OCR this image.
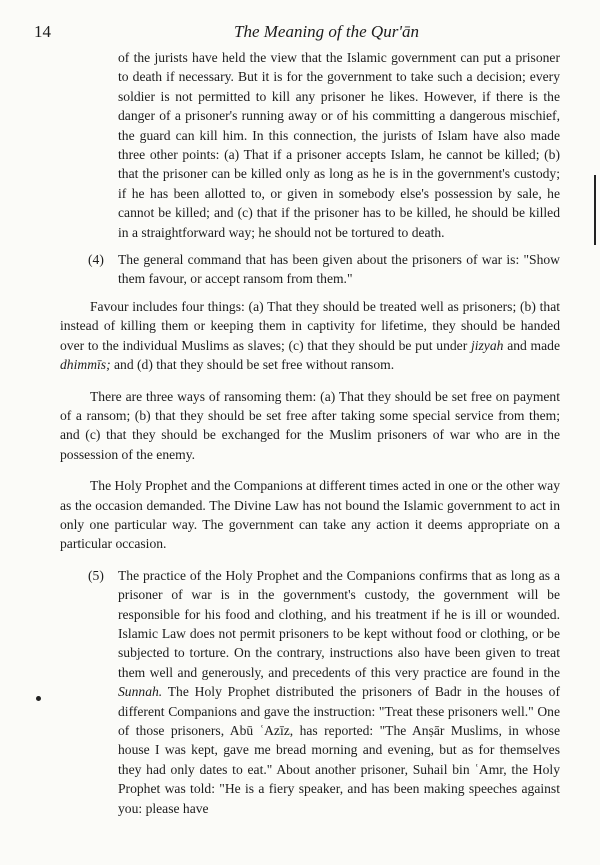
14	The Meaning of the Qur'ān

of the jurists have held the view that the Islamic government can put a prisoner to death if necessary. But it is for the government to take such a decision; every soldier is not permitted to kill any prisoner he likes. However, if there is the danger of a prisoner's running away or of his committing a dangerous mischief, the guard can kill him. In this connection, the jurists of Islam have also made three other points: (a) That if a prisoner accepts Islam, he cannot be killed; (b) that the prisoner can be killed only as long as he is in the government's custody; if he has been allotted to, or given in somebody else's possession by sale, he cannot be killed; and (c) that if the prisoner has to be killed, he should be killed in a straightforward way; he should not be tortured to death.

(4) The general command that has been given about the prisoners of war is: "Show them favour, or accept ransom from them."

Favour includes four things: (a) That they should be treated well as prisoners; (b) that instead of killing them or keeping them in captivity for lifetime, they should be handed over to the individual Muslims as slaves; (c) that they should be put under jizyah and made dhimmīs; and (d) that they should be set free without ransom.

There are three ways of ransoming them: (a) That they should be set free on payment of a ransom; (b) that they should be set free after taking some special service from them; and (c) that they should be exchanged for the Muslim prisoners of war who are in the possession of the enemy.

The Holy Prophet and the Companions at different times acted in one or the other way as the occasion demanded. The Divine Law has not bound the Islamic government to act in only one particular way. The government can take any action it deems appropriate on a particular occasion.

(5) The practice of the Holy Prophet and the Companions confirms that as long as a prisoner of war is in the government's custody, the government will be responsible for his food and clothing, and his treatment if he is ill or wounded. Islamic Law does not permit prisoners to be kept without food or clothing, or be subjected to torture. On the contrary, instructions also have been given to treat them well and generously, and precedents of this very practice are found in the Sunnah. The Holy Prophet distributed the prisoners of Badr in the houses of different Companions and gave the instruction: "Treat these prisoners well." One of those prisoners, Abū ʿAzīz, has reported: "The Anṣār Muslims, in whose house I was kept, gave me bread morning and evening, but as for themselves they had only dates to eat." About another prisoner, Suhail bin ʿAmr, the Holy Prophet was told: "He is a fiery speaker, and has been making speeches against you: please have
